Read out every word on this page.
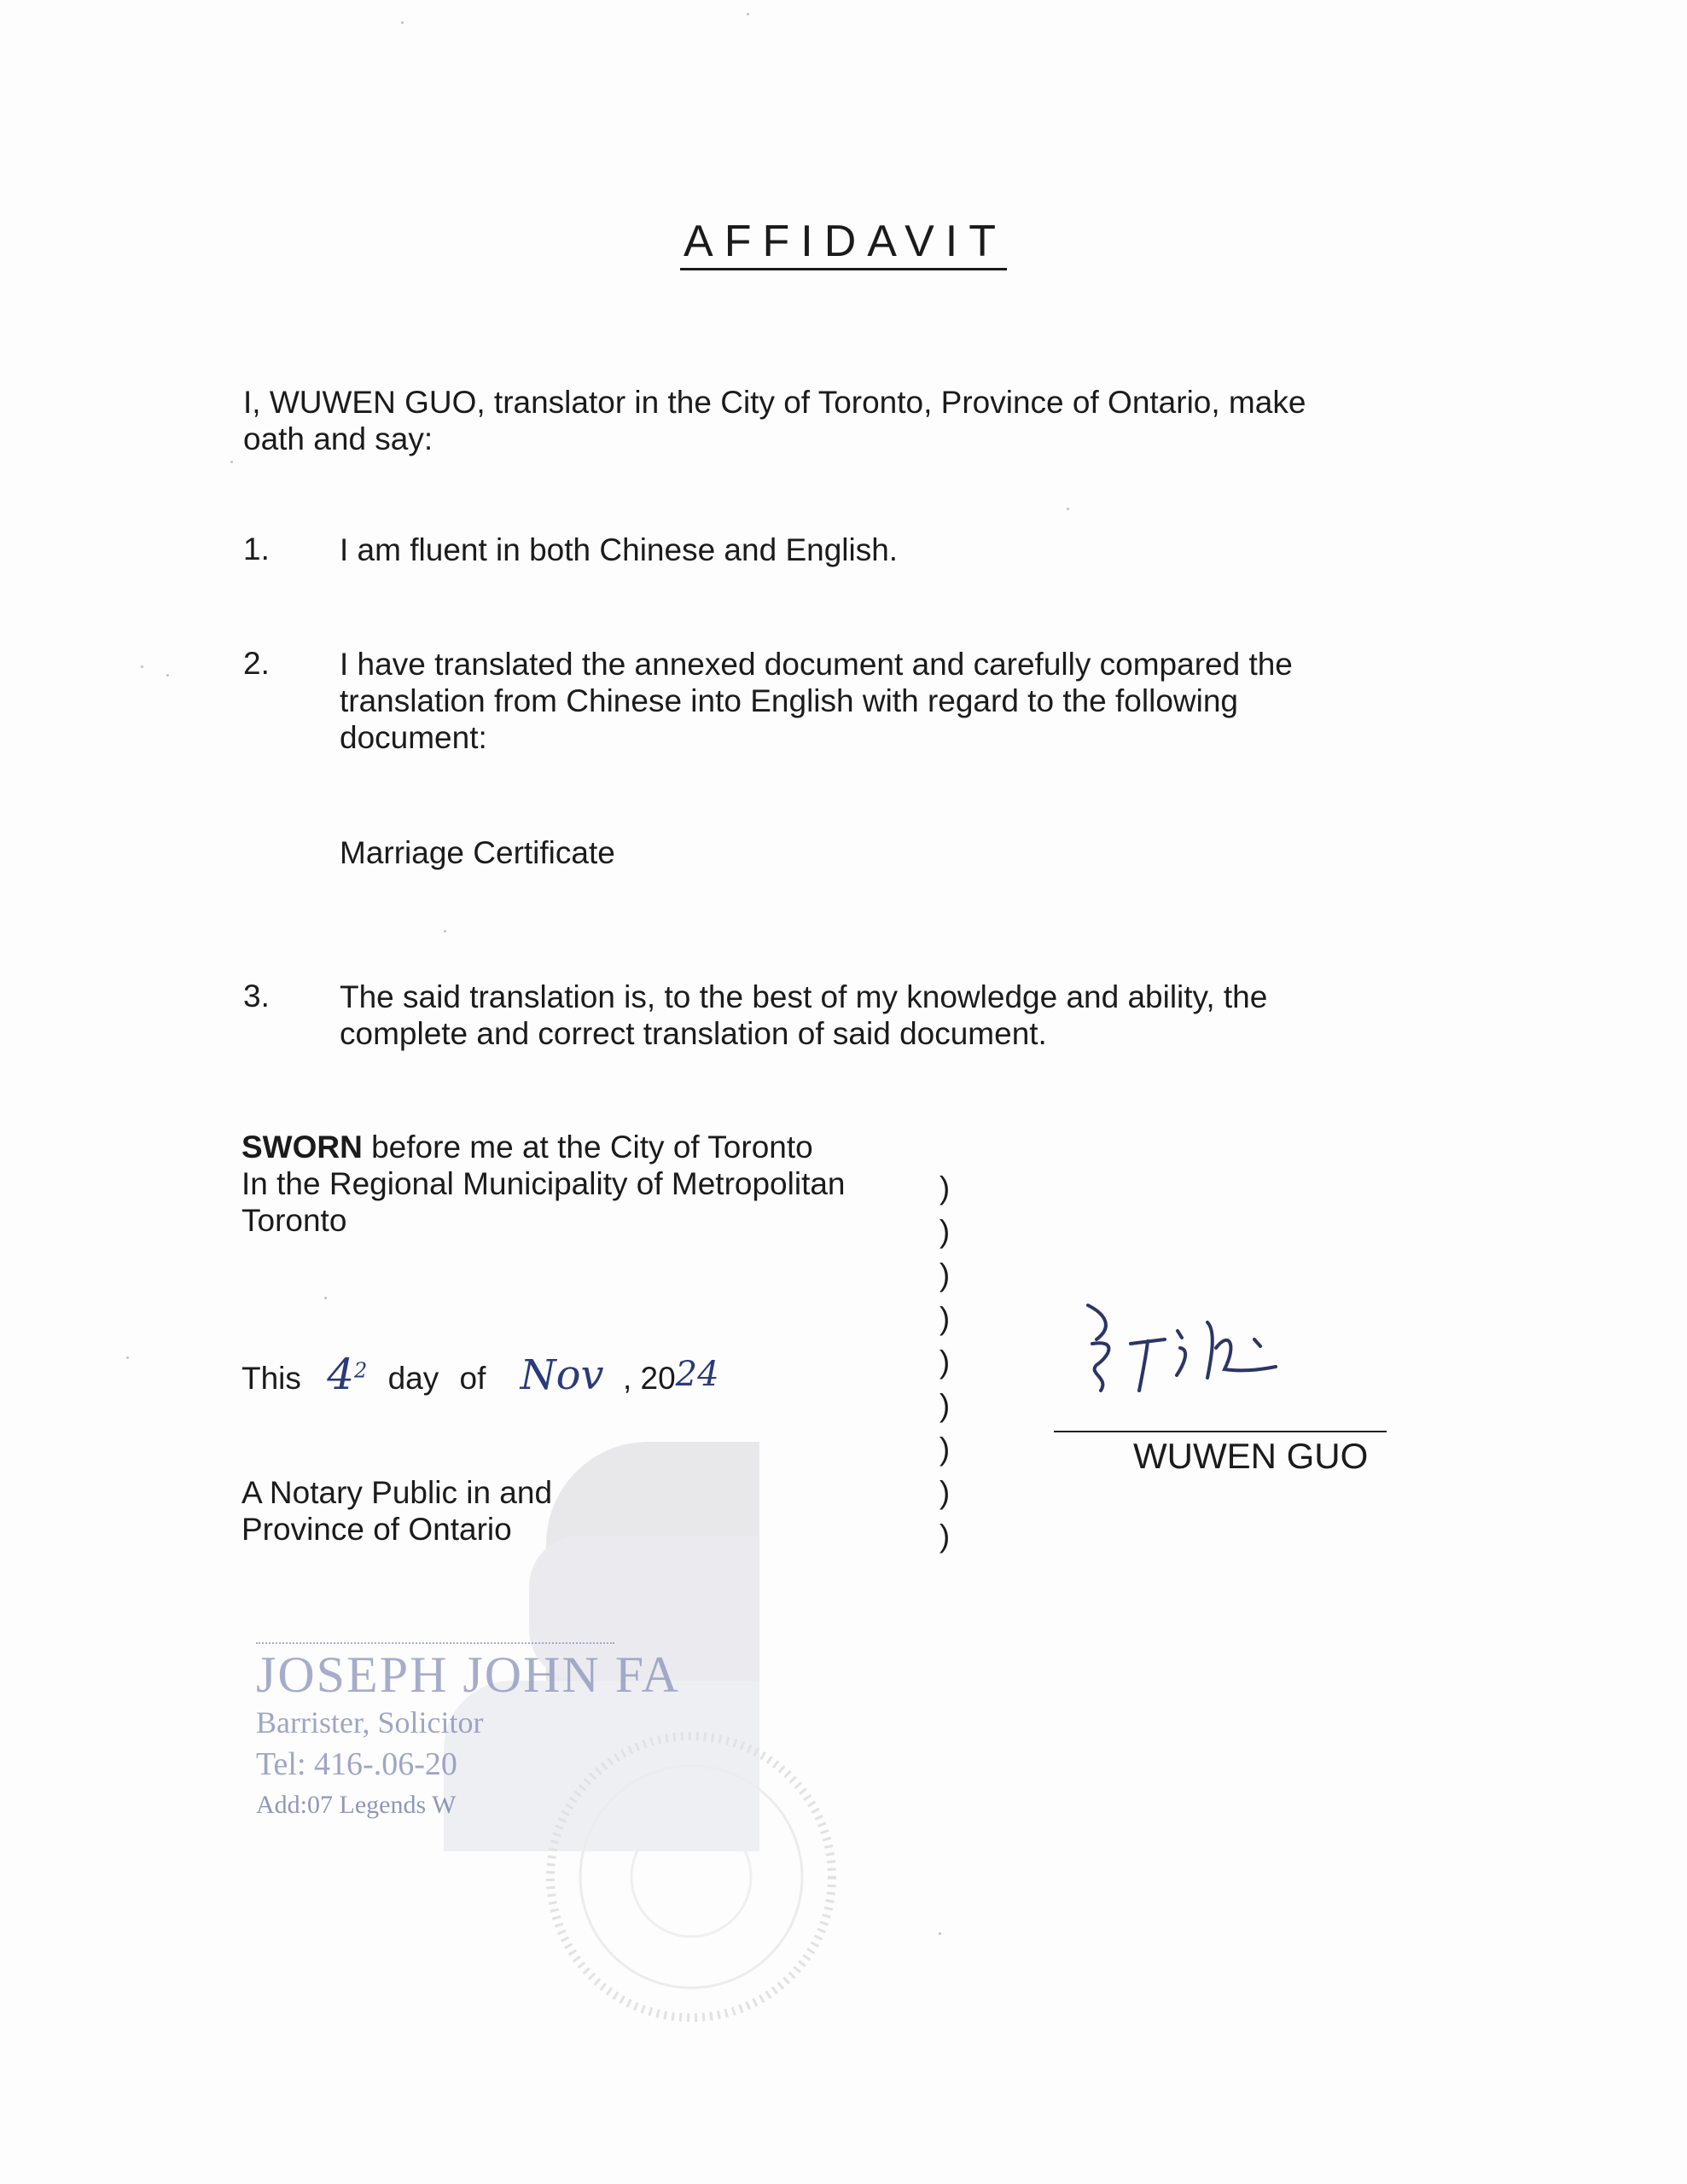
AFFIDAVIT

I, WUWEN GUO, translator in the City of Toronto, Province of Ontario, make
oath and say:

1. I am fluent in both Chinese and English.

2. I have translated the annexed document and carefully compared the
translation from Chinese into English with regard to the following
document:

Marriage Certificate

3. The said translation is, to the best of my knowledge and ability, the
complete and correct translation of said document.

SWORN before me at the City of Toronto
In the Regional Municipality of Metropolitan
Toronto

)
)
)
)
)
)
)
)
)
This $4^2$ day of Nov , 2024

A Notary Public in and
Province of Ontario

WUWEN GUO
JOSEPH JOHN FA
Barrister, Solicitor
Tel: 416-.06-20
Add:07 Legends W
